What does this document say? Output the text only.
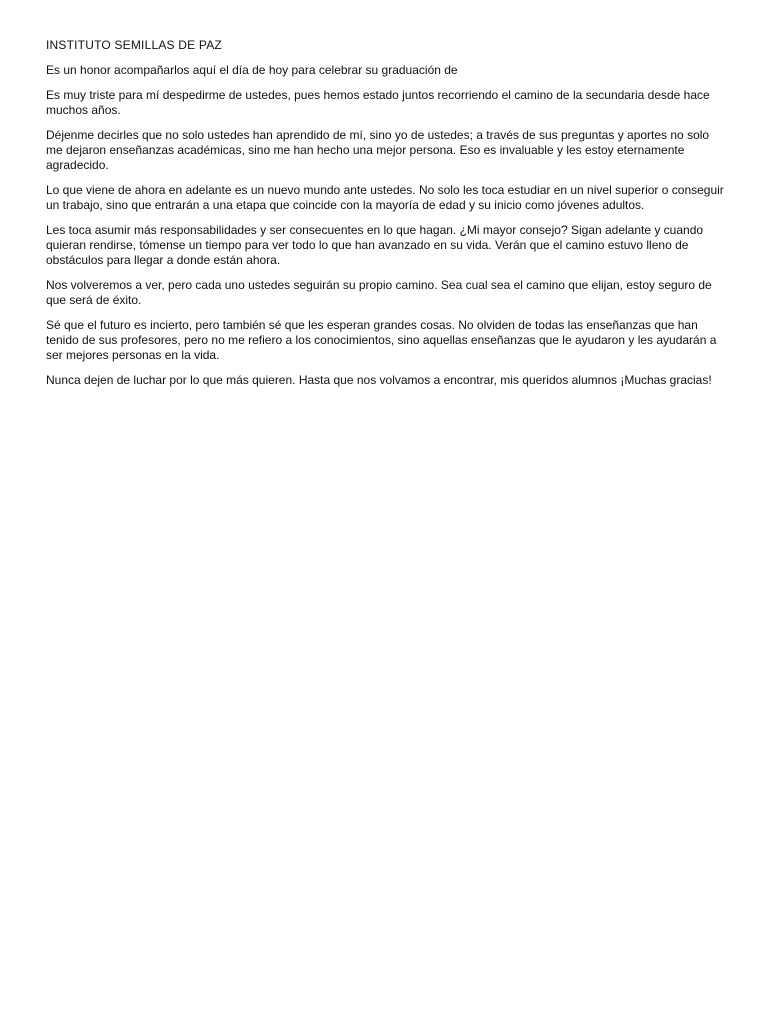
INSTITUTO SEMILLAS DE PAZ

Es un honor acompañarlos aquí el día de hoy para celebrar su graduación de

Es muy triste para mí despedirme de ustedes, pues hemos estado juntos recorriendo el camino de la secundaria desde hace muchos años.

Déjenme decirles que no solo ustedes han aprendido de mí, sino yo de ustedes; a través de sus preguntas y aportes no solo me dejaron enseñanzas académicas, sino me han hecho una mejor persona. Eso es invaluable y les estoy eternamente agradecido.

Lo que viene de ahora en adelante es un nuevo mundo ante ustedes. No solo les toca estudiar en un nivel superior o conseguir un trabajo, sino que entrarán a una etapa que coincide con la mayoría de edad y su inicio como jóvenes adultos.

Les toca asumir más responsabilidades y ser consecuentes en lo que hagan. ¿Mi mayor consejo? Sigan adelante y cuando quieran rendirse, tómense un tiempo para ver todo lo que han avanzado en su vida. Verán que el camino estuvo lleno de obstáculos para llegar a donde están ahora.

Nos volveremos a ver, pero cada uno ustedes seguirán su propio camino. Sea cual sea el camino que elijan, estoy seguro de que será de éxito.

Sé que el futuro es incierto, pero también sé que les esperan grandes cosas. No olviden de todas las enseñanzas que han tenido de sus profesores, pero no me refiero a los conocimientos, sino aquellas enseñanzas que le ayudaron y les ayudarán a ser mejores personas en la vida.

Nunca dejen de luchar por lo que más quieren. Hasta que nos volvamos a encontrar, mis queridos alumnos ¡Muchas gracias!
